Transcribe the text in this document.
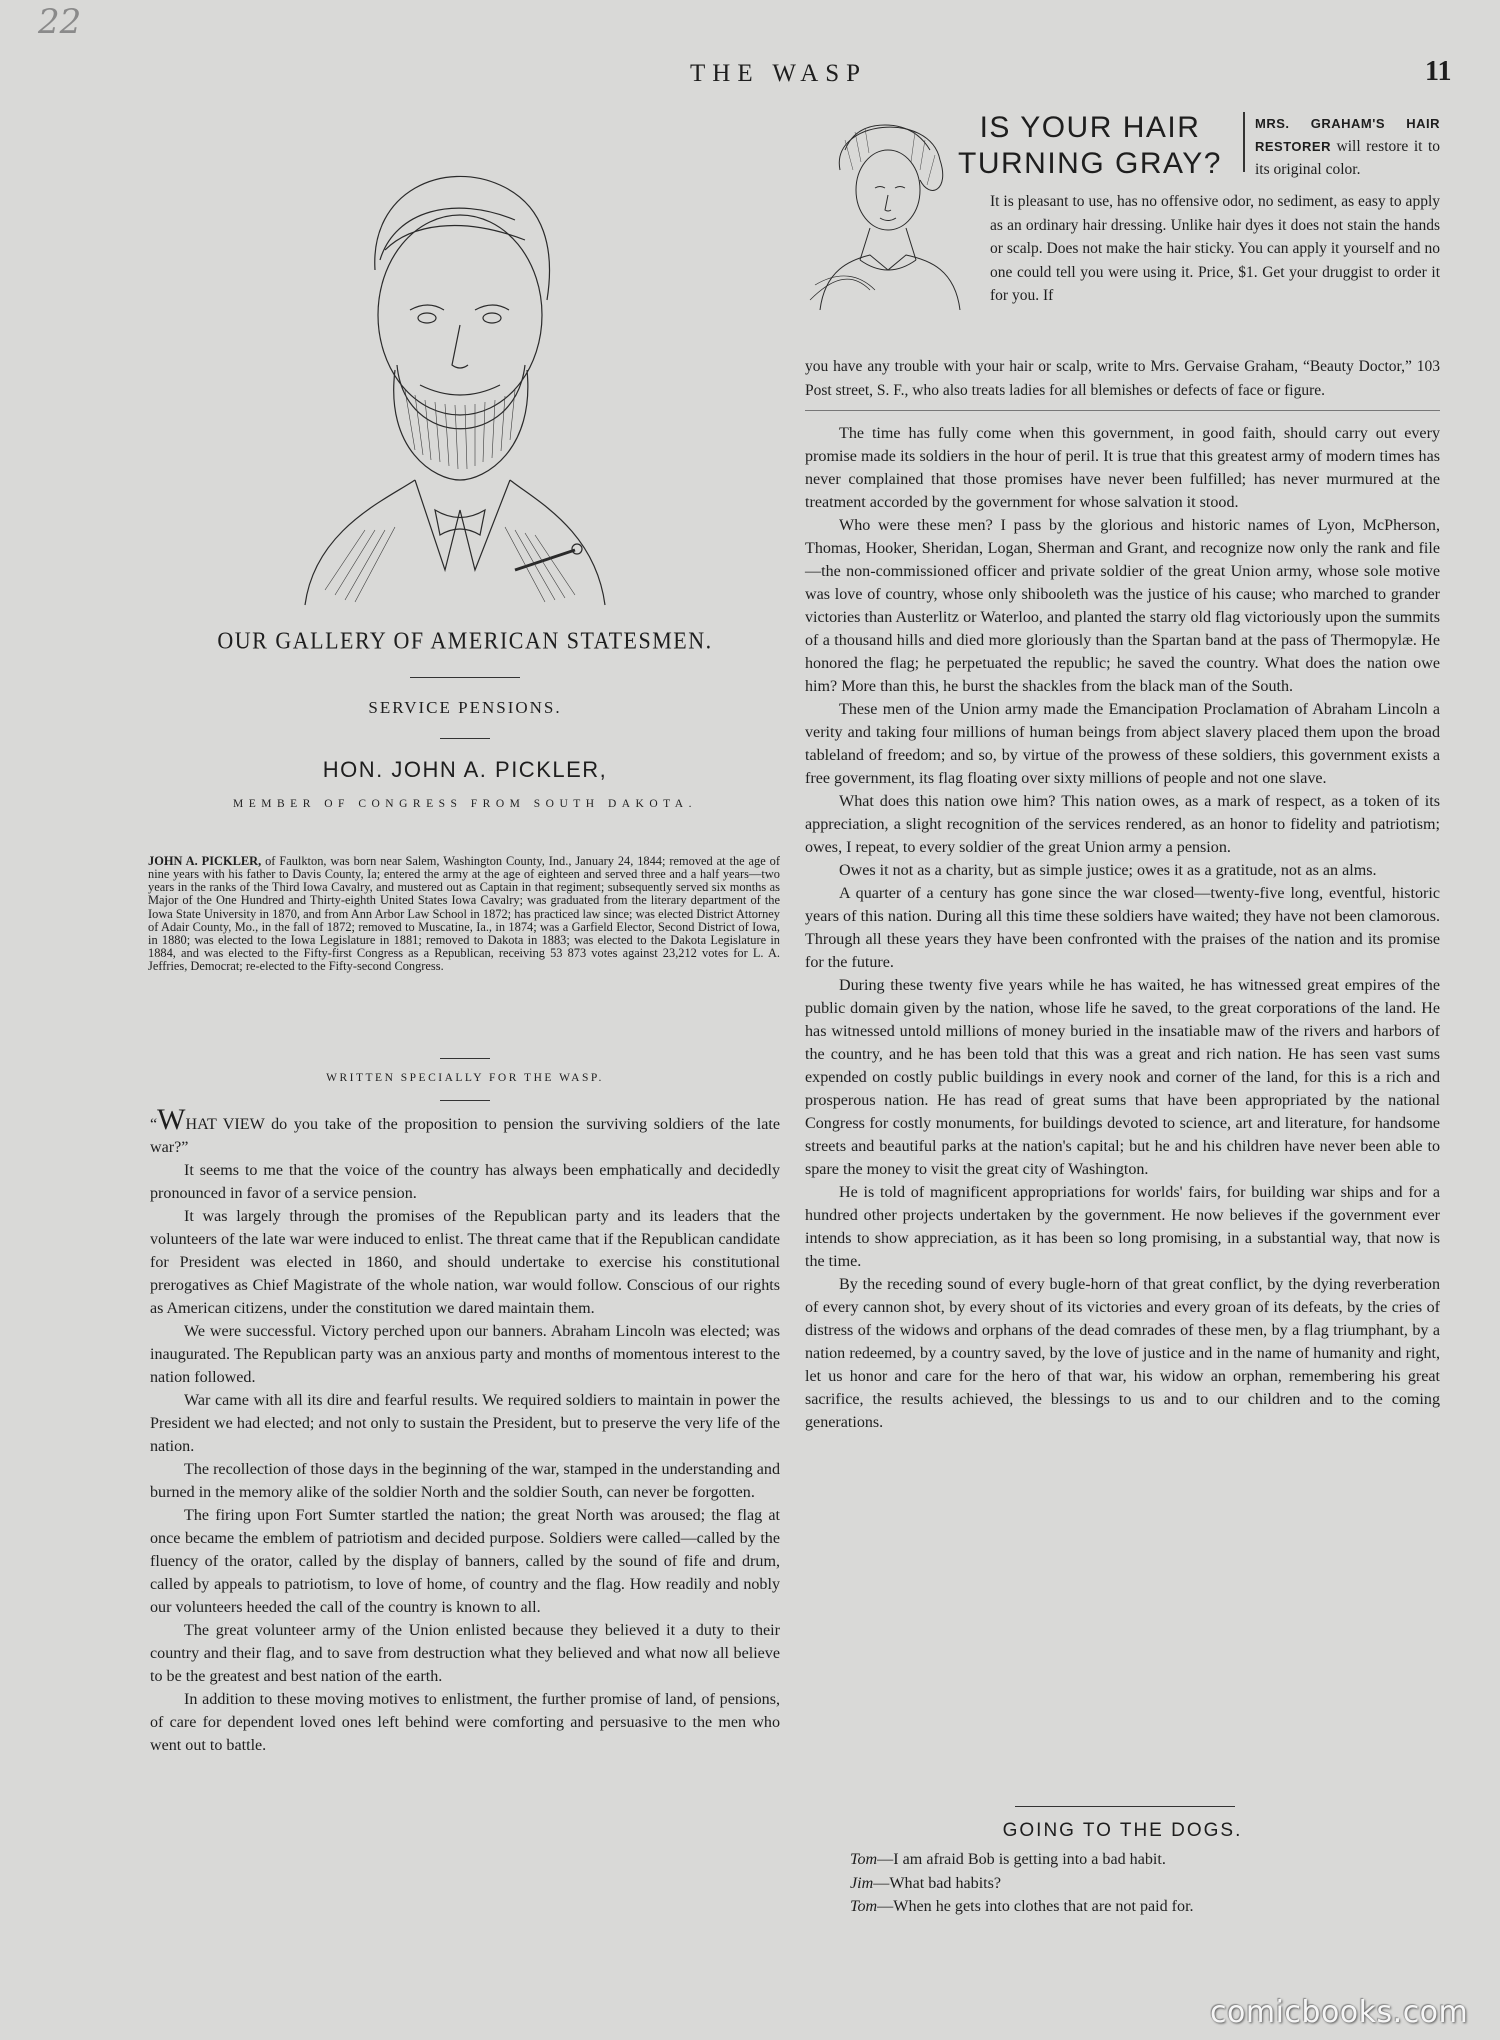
22
THE WASP	11
OUR GALLERY OF AMERICAN STATESMEN.
SERVICE PENSIONS.
HON. JOHN A. PICKLER,
MEMBER OF CONGRESS FROM SOUTH DAKOTA.
JOHN A. PICKLER, of Faulkton, was born near Salem, Washington County, Ind., January 24, 1844; removed at the age of nine years with his father to Davis County, Ia; entered the army at the age of eighteen and served three and a half years—two years in the ranks of the Third Iowa Cavalry, and mustered out as Captain in that regiment; subsequently served six months as Major of the One Hundred and Thirty-eighth United States Iowa Cavalry; was graduated from the literary department of the Iowa State University in 1870, and from Ann Arbor Law School in 1872; has practiced law since; was elected District Attorney of Adair County, Mo., in the fall of 1872; removed to Muscatine, Ia., in 1874; was a Garfield Elector, Second District of Iowa, in 1880; was elected to the Iowa Legislature in 1881; removed to Dakota in 1883; was elected to the Dakota Legislature in 1884, and was elected to the Fifty-first Congress as a Republican, receiving 53 873 votes against 23,212 votes for L. A. Jeffries, Democrat; re-elected to the Fifty-second Congress.
WRITTEN SPECIALLY FOR THE WASP.

“WHAT VIEW do you take of the proposition to pension the surviving soldiers of the late war?”

It seems to me that the voice of the country has always been emphatically and decidedly pronounced in favor of a service pension.

It was largely through the promises of the Republican party and its leaders that the volunteers of the late war were induced to enlist. The threat came that if the Republican candidate for President was elected in 1860, and should undertake to exercise his constitutional prerogatives as Chief Magistrate of the whole nation, war would follow. Conscious of our rights as American citizens, under the constitution we dared maintain them.

We were successful. Victory perched upon our banners. Abraham Lincoln was elected; was inaugurated. The Republican party was an anxious party and months of momentous interest to the nation followed.

War came with all its dire and fearful results. We required soldiers to maintain in power the President we had elected; and not only to sustain the President, but to preserve the very life of the nation.

The recollection of those days in the beginning of the war, stamped in the understanding and burned in the memory alike of the soldier North and the soldier South, can never be forgotten.

The firing upon Fort Sumter startled the nation; the great North was aroused; the flag at once became the emblem of patriotism and decided purpose. Soldiers were called—called by the fluency of the orator, called by the display of banners, called by the sound of fife and drum, called by appeals to patriotism, to love of home, of country and the flag. How readily and nobly our volunteers heeded the call of the country is known to all.

The great volunteer army of the Union enlisted because they believed it a duty to their country and their flag, and to save from destruction what they believed and what now all believe to be the greatest and best nation of the earth.

In addition to these moving motives to enlistment, the further promise of land, of pensions, of care for dependent loved ones left behind were comforting and persuasive to the men who went out to battle.

IS YOUR HAIR
TURNING GRAY?
MRS. GRAHAM'S HAIR RESTORER will restore it to its original color.
It is pleasant to use, has no offensive odor, no sediment, as easy to apply as an ordinary hair dressing. Unlike hair dyes it does not stain the hands or scalp. Does not make the hair sticky. You can apply it yourself and no one could tell you were using it. Price, $1. Get your druggist to order it for you. If
you have any trouble with your hair or scalp, write to Mrs. Gervaise Graham, “Beauty Doctor,” 103 Post street, S. F., who also treats ladies for all blemishes or defects of face or figure.

The time has fully come when this government, in good faith, should carry out every promise made its soldiers in the hour of peril. It is true that this greatest army of modern times has never complained that those promises have never been fulfilled; has never murmured at the treatment accorded by the government for whose salvation it stood.

Who were these men? I pass by the glorious and historic names of Lyon, McPherson, Thomas, Hooker, Sheridan, Logan, Sherman and Grant, and recognize now only the rank and file—the non-commissioned officer and private soldier of the great Union army, whose sole motive was love of country, whose only shibooleth was the justice of his cause; who marched to grander victories than Austerlitz or Waterloo, and planted the starry old flag victoriously upon the summits of a thousand hills and died more gloriously than the Spartan band at the pass of Thermopylæ. He honored the flag; he perpetuated the republic; he saved the country. What does the nation owe him? More than this, he burst the shackles from the black man of the South.

These men of the Union army made the Emancipation Proclamation of Abraham Lincoln a verity and taking four millions of human beings from abject slavery placed them upon the broad tableland of freedom; and so, by virtue of the prowess of these soldiers, this government exists a free government, its flag floating over sixty millions of people and not one slave.

What does this nation owe him? This nation owes, as a mark of respect, as a token of its appreciation, a slight recognition of the services rendered, as an honor to fidelity and patriotism; owes, I repeat, to every soldier of the great Union army a pension.

Owes it not as a charity, but as simple justice; owes it as a gratitude, not as an alms.

A quarter of a century has gone since the war closed—twenty-five long, eventful, historic years of this nation. During all this time these soldiers have waited; they have not been clamorous. Through all these years they have been confronted with the praises of the nation and its promise for the future.

During these twenty five years while he has waited, he has witnessed great empires of the public domain given by the nation, whose life he saved, to the great corporations of the land. He has witnessed untold millions of money buried in the insatiable maw of the rivers and harbors of the country, and he has been told that this was a great and rich nation. He has seen vast sums expended on costly public buildings in every nook and corner of the land, for this is a rich and prosperous nation. He has read of great sums that have been appropriated by the national Congress for costly monuments, for buildings devoted to science, art and literature, for handsome streets and beautiful parks at the nation's capital; but he and his children have never been able to spare the money to visit the great city of Washington.

He is told of magnificent appropriations for worlds' fairs, for building war ships and for a hundred other projects undertaken by the government. He now believes if the government ever intends to show appreciation, as it has been so long promising, in a substantial way, that now is the time.

By the receding sound of every bugle-horn of that great conflict, by the dying reverberation of every cannon shot, by every shout of its victories and every groan of its defeats, by the cries of distress of the widows and orphans of the dead comrades of these men, by a flag triumphant, by a nation redeemed, by a country saved, by the love of justice and in the name of humanity and right, let us honor and care for the hero of that war, his widow an orphan, remembering his great sacrifice, the results achieved, the blessings to us and to our children and to the coming generations.

GOING TO THE DOGS.
Tom—I am afraid Bob is getting into a bad habit.
Jim—What bad habits?
Tom—When he gets into clothes that are not paid for.
comicbooks.com
